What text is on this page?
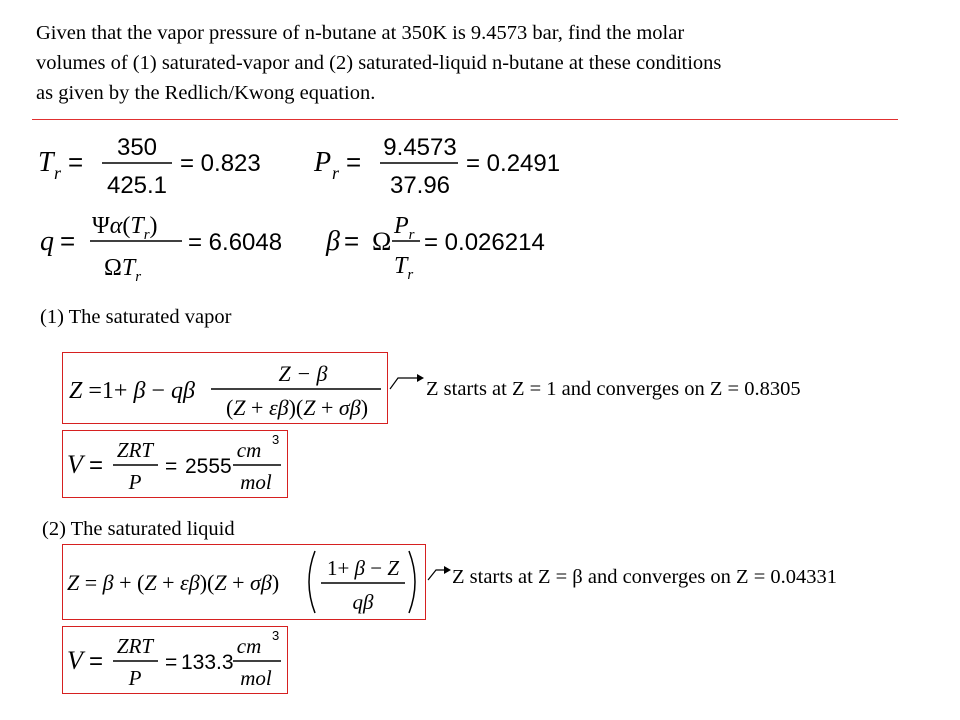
Given that the vapor pressure of n-butane at 350K is 9.4573 bar, find the molar
volumes of (1) saturated-vapor and (2) saturated-liquid n-butane at these conditions
as given by the Redlich/Kwong equation.
T r = 350
425.1
= 0.823 P r = 9.4573
37.96
= 0.2491
$q = \Psi\alpha(T_r)$
$\Omega T_r$
= 6.6048 β = Ω
$P_r$
$T_r$
= 0.026214
(1) The saturated vapor
Z =1+ β − qβ
Z − β
(Z + εβ)(Z + σβ)
Z starts at Z = 1 and converges on Z = 0.8305
V =
ZRT
P
= 2555
cm 3
mol
(2) The saturated liquid
Z = β + (Z + εβ)(Z + σβ)
1+ β − Z
qβ
Z starts at Z = β and converges on Z = 0.04331
V =
ZRT
P
= 133.3
cm 3
mol
